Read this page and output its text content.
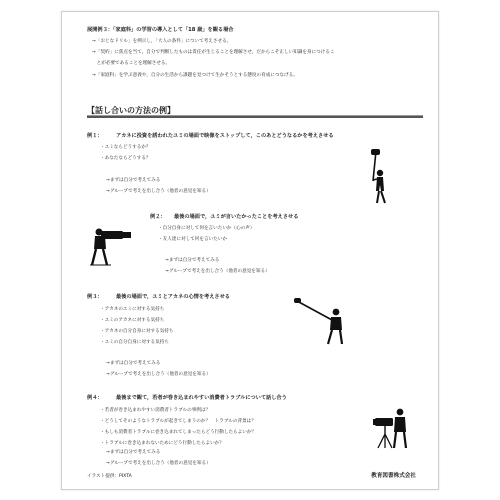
展開例３：「家庭科」の学習の導入として「18 歳」を観る場合
→「おとなドリル」を例示し，「大人の条件」について考えさせる。
→「契約」に焦点を当て，自分で判断したものは責任が生じることを理解させ，だからこそ正しい知識を身につけるこ
　とが必要であることを理解させる。
→「家庭科」を学ぶ意義や，自分の生活から課題を見つけて生かそうとする態度の育成につなげる。
【話し合いの方法の例】
例１：	アカネに投資を誘われたユミの場面で映像をストップして，このあとどうなるかを考えさせる
・ユミならどうするか？
・あなたならどうする？
→まずは自分で考えてみる
→グループで考えを出し合う（他者の意見を知る）
例２： 最後の場面で，ユミが言いたかったことを考えさせる
・自分自身に対して何を言いたいか（心の声）
・友人達に対して何を言いたいか
→まずは自分で考えてみる
→グループで考えを出し合う（他者の意見を知る）
例３：	最後の場面で，ユミとアカネの心情を考えさせる
・アカネのユミに対する気持ち
・ユミのアカネに対する気持ち
・アカネの自分自身に対する気持ち
・ユミの自分自身に対する気持ち
→まずは自分で考えてみる
→グループで考えを出し合う（他者の意見を知る）
例４：	最後まで観て，若者が巻き込まれやすい消費者トラブルについて話し合う
・若者が巻き込まれやすい消費者トラブルの事例は？
・どうしてそのようなトラブルが起きてしまうのか？　トラブルの背景は？
・もしも消費者トラブルに巻き込まれてしまったらどう行動したらよいか？
・トラブルに巻き込まれないためにどう行動したらよいか？
→まずは自分で考えてみる
→グループで考えを出し合う（他者の意見を知る）
イラスト提供：PIXTA	教育図書株式会社
